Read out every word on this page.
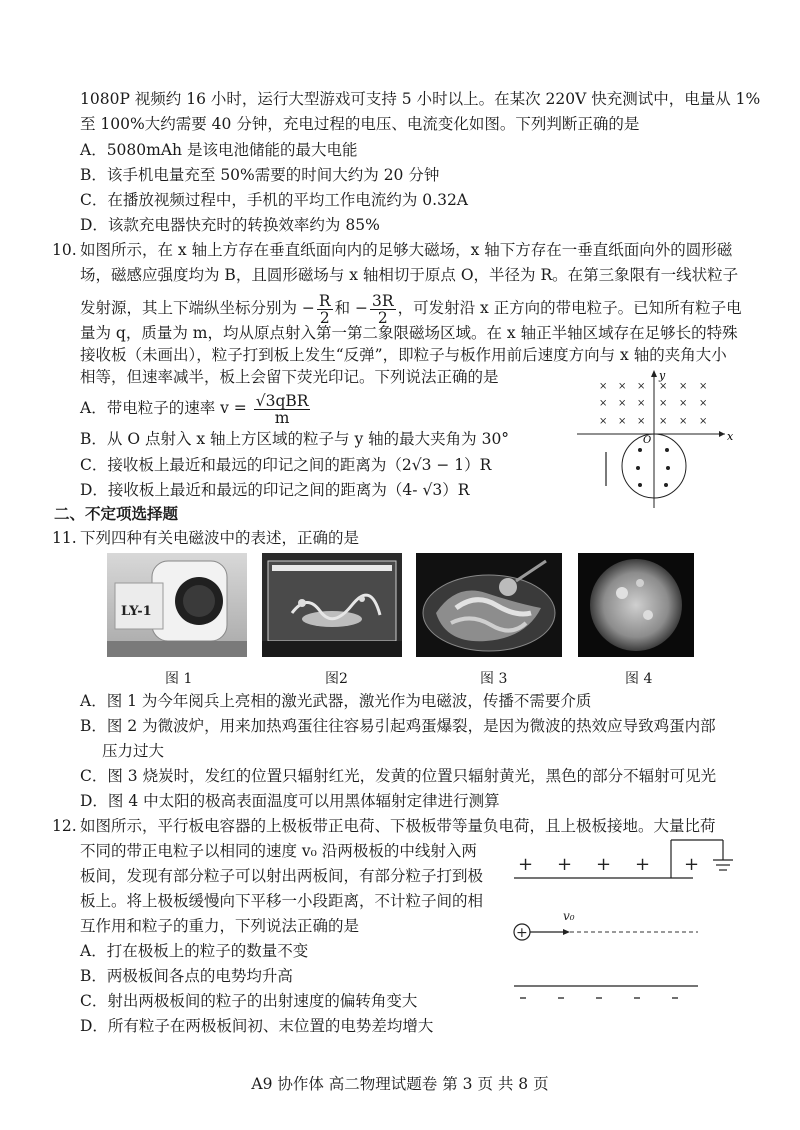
1080P 视频约 16 小时，运行大型游戏可支持 5 小时以上。在某次 220V 快充测试中，电量从 1%
至 100%大约需要 40 分钟，充电过程的电压、电流变化如图。下列判断正确的是
A．5080mAh 是该电池储能的最大电能
B．该手机电量充至 50%需要的时间大约为 20 分钟
C．在播放视频过程中，手机的平均工作电流约为 0.32A
D．该款充电器快充时的转换效率约为 85%
10. 如图所示，在 x 轴上方存在垂直纸面向内的足够大磁场，x 轴下方存在一垂直纸面向外的圆形磁
场，磁感应强度均为 B，且圆形磁场与 x 轴相切于原点 O，半径为 R。在第三象限有一线状粒子
发射源，其上下端纵坐标分别为 − $\frac{R}{2}$ 和 − $\frac{3R}{2}$ ，可发射沿 x 正方向的带电粒子。已知所有粒子电
量为 q，质量为 m，均从原点射入第一第二象限磁场区域。在 x 轴正半轴区域存在足够长的特殊
接收板（未画出），粒子打到板上发生“反弹”，即粒子与板作用前后速度方向与 x 轴的夹角大小
相等，但速率减半，板上会留下荧光印记。下列说法正确的是
A．带电粒子的速率 $v = \frac{\text{√3qBR}}{m}$
B．从 O 点射入 x 轴上方区域的粒子与 y 轴的最大夹角为 30°
C．接收板上最近和最远的印记之间的距离为（2√3 − 1）R
D．接收板上最近和最远的印记之间的距离为（4- √3）R
× × × × × ×
× × × × × ×
× × × × × ×
x
y
O
二、不定项选择题
11. 下列四种有关电磁波中的表述，正确的是
LY-1
图 1	图2	图 3	图 4
A．图 1 为今年阅兵上亮相的激光武器，激光作为电磁波，传播不需要介质
B．图 2 为微波炉，用来加热鸡蛋往往容易引起鸡蛋爆裂，是因为微波的热效应导致鸡蛋内部
压力过大
C．图 3 烧炭时，发红的位置只辐射红光，发黄的位置只辐射黄光，黑色的部分不辐射可见光
D．图 4 中太阳的极高表面温度可以用黑体辐射定律进行测算
12. 如图所示，平行板电容器的上极板带正电荷、下极板带等量负电荷，且上极板接地。大量比荷
不同的带正电粒子以相同的速度 v₀ 沿两极板的中线射入两
板间，发现有部分粒子可以射出两板间，有部分粒子打到极
板上。将上极板缓慢向下平移一小段距离，不计粒子间的相
互作用和粒子的重力，下列说法正确的是
A．打在极板上的粒子的数量不变
B．两极板间各点的电势均升高
C．射出两极板间的粒子的出射速度的偏转角变大
D．所有粒子在两极板间初、末位置的电势差均增大
+ + + + +
+
v₀
A9 协作体 高二物理试题卷 第 3 页 共 8 页
